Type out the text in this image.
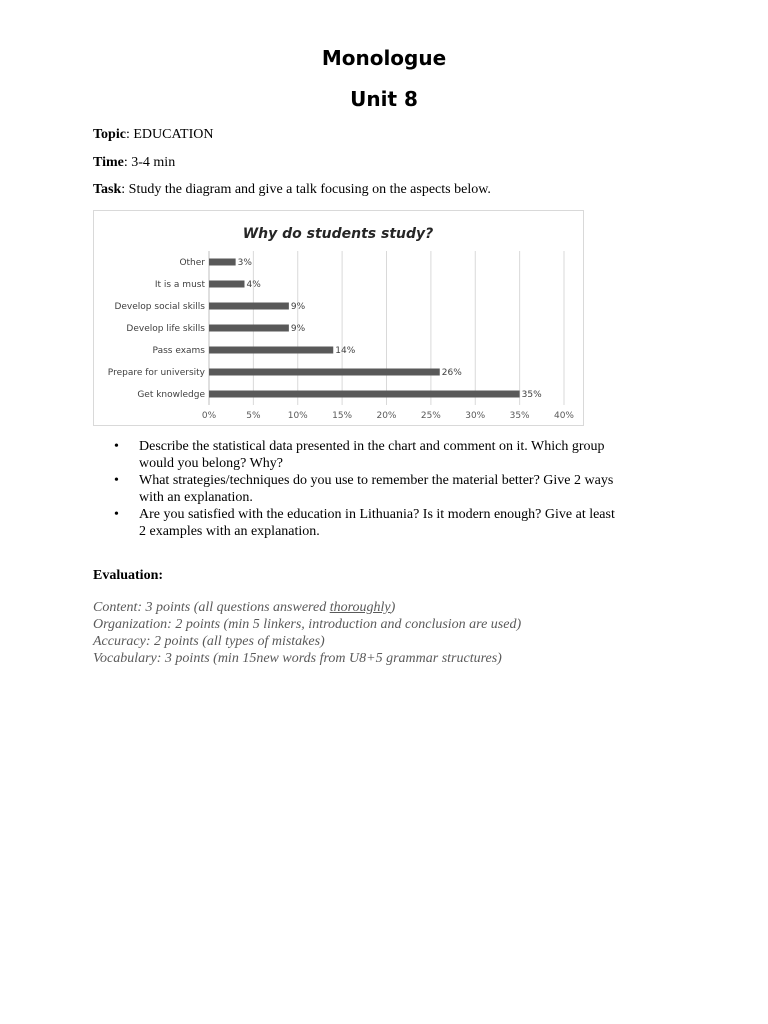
Monologue
Unit 8
Topic: EDUCATION
Time: 3-4 min
Task: Study the diagram and give a talk focusing on the aspects below.
Why do students study?
0%	5%	10%	15%	20%	25%	30%	35%	40%
Other	3%
It is a must	4%
Develop social skills	9%
Develop life skills	9%
Pass exams	14%
Prepare for university	26%
Get knowledge	35%
• Describe the statistical data presented in the chart and comment on it. Which group
would you belong? Why?
• What strategies/techniques do you use to remember the material better? Give 2 ways
with an explanation.
• Are you satisfied with the education in Lithuania? Is it modern enough? Give at least
2 examples with an explanation.
Evaluation:
Content: 3 points (all questions answered thoroughly)
Organization: 2 points (min 5 linkers, introduction and conclusion are used)
Accuracy: 2 points (all types of mistakes)
Vocabulary: 3 points (min 15new words from U8+5 grammar structures)
